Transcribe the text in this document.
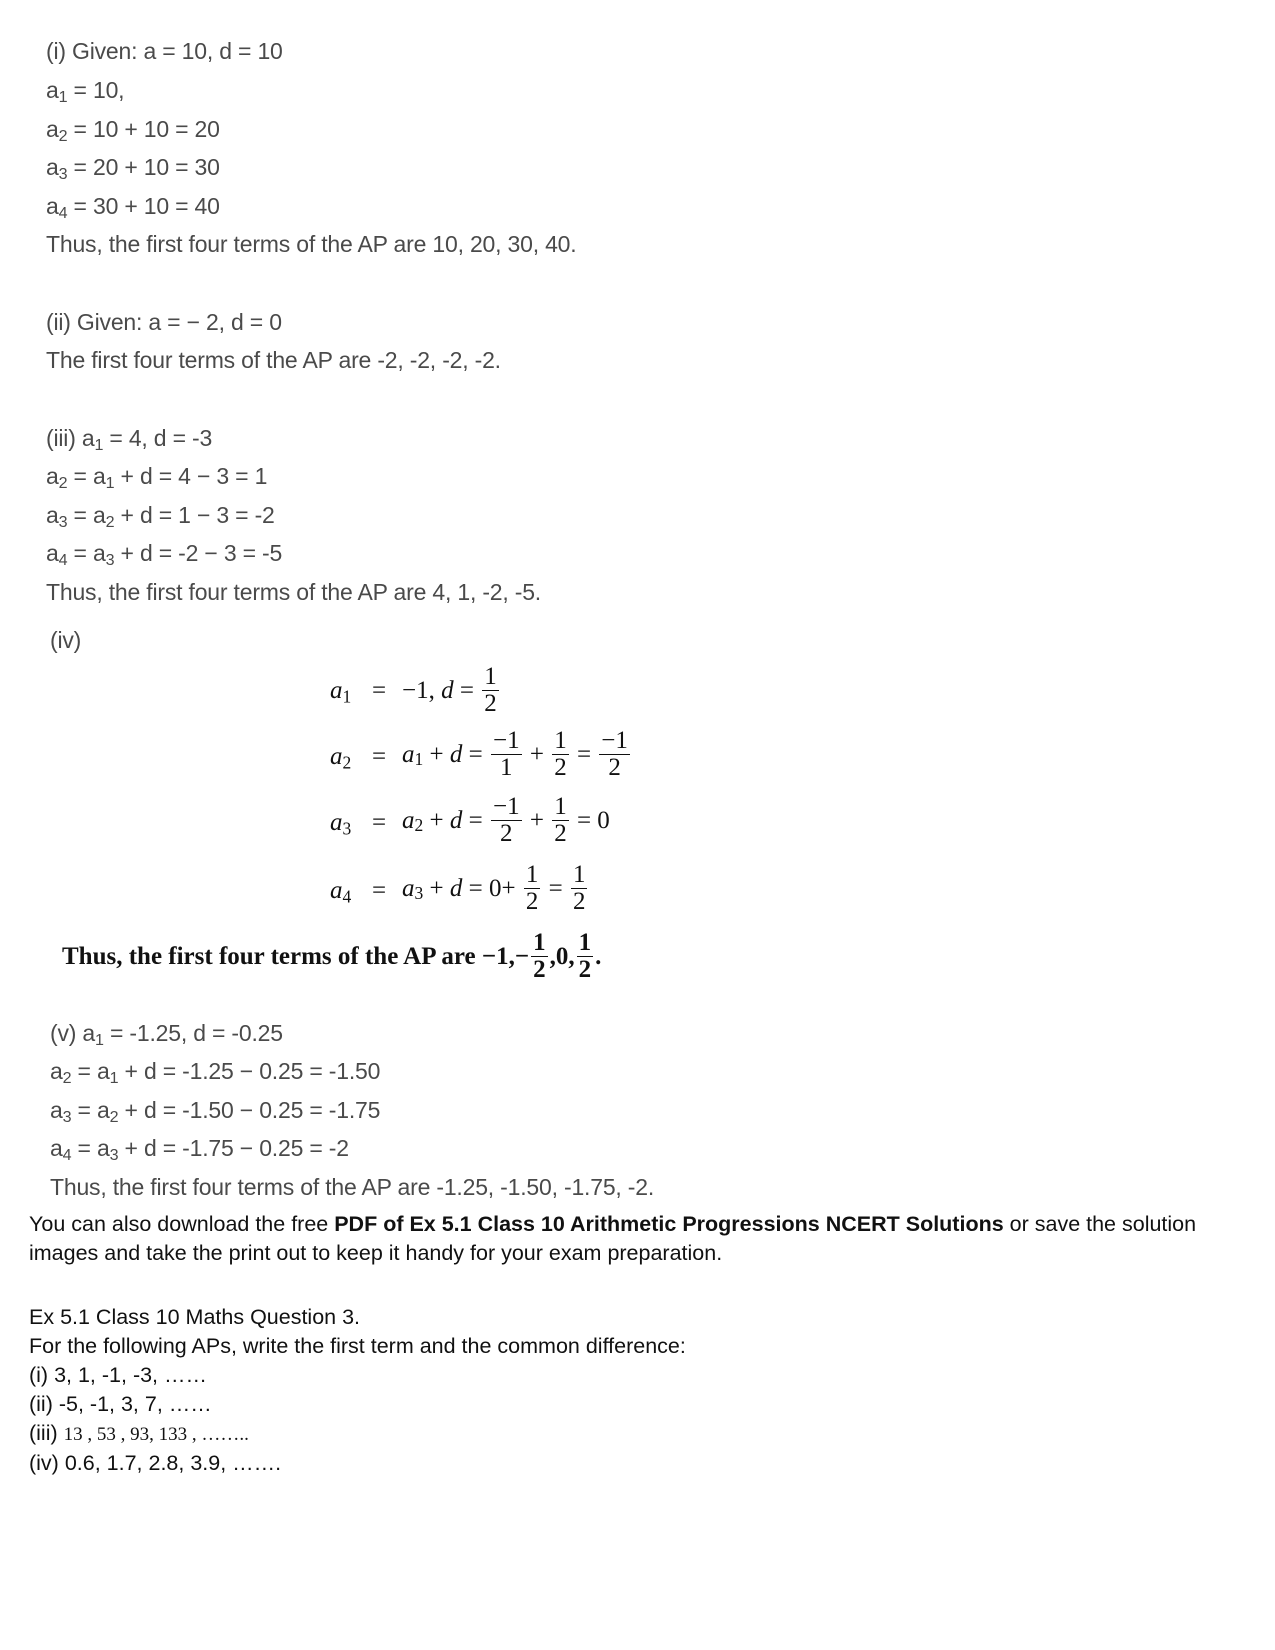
(i) Given: a = 10, d = 10
$a_1 = 10$,
$a_2 = 10 + 10 = 20$
$a_3 = 20 + 10 = 30$
$a_4 = 30 + 10 = 40$
Thus, the first four terms of the AP are 10, 20, 30, 40.
(ii) Given: a = − 2, d = 0
The first four terms of the AP are -2, -2, -2, -2.
(iii) $a_1 = 4$, d = -3
$a_2 = a_1 + d = 4 - 3 = 1$
$a_3 = a_2 + d = 1 - 3 = -2$
$a_4 = a_3 + d = -2 - 3 = -5$
Thus, the first four terms of the AP are 4, 1, -2, -5.
(iv)
$a_1 = -1$, $d = \frac{1}{2}$
$a_2 = a_1 + d = \frac{-1}{1} + \frac{1}{2} = \frac{-1}{2}$
$a_3 = a_2 + d = \frac{-1}{2} + \frac{1}{2} = 0$
$a_4 = a_3 + d = 0+ \frac{1}{2} = \frac{1}{2}$
Thus, the first four terms of the AP are $-1,- \frac{1}{2} ,0$, $\frac{1}{2}$ .
(v) $a_1 = -1.25$, d = -0.25
$a_2 = a_1 + d = -1.25 - 0.25 = -1.50$
$a_3 = a_2 + d = -1.50 - 0.25 = -1.75$
$a_4 = a_3 + d = -1.75 - 0.25 = -2$
Thus, the first four terms of the AP are -1.25, -1.50, -1.75, -2.
You can also download the free PDF of Ex 5.1 Class 10 Arithmetic Progressions NCERT Solutions or save the solution images and take the print out to keep it handy for your exam preparation.
Ex 5.1 Class 10 Maths Question 3.
For the following APs, write the first term and the common difference:
(i) 3, 1, -1, -3, ……
(ii) -5, -1, 3, 7, ……
(iii) 13 , 53 , 93, 133 , ……..
(iv) 0.6, 1.7, 2.8, 3.9, …….
